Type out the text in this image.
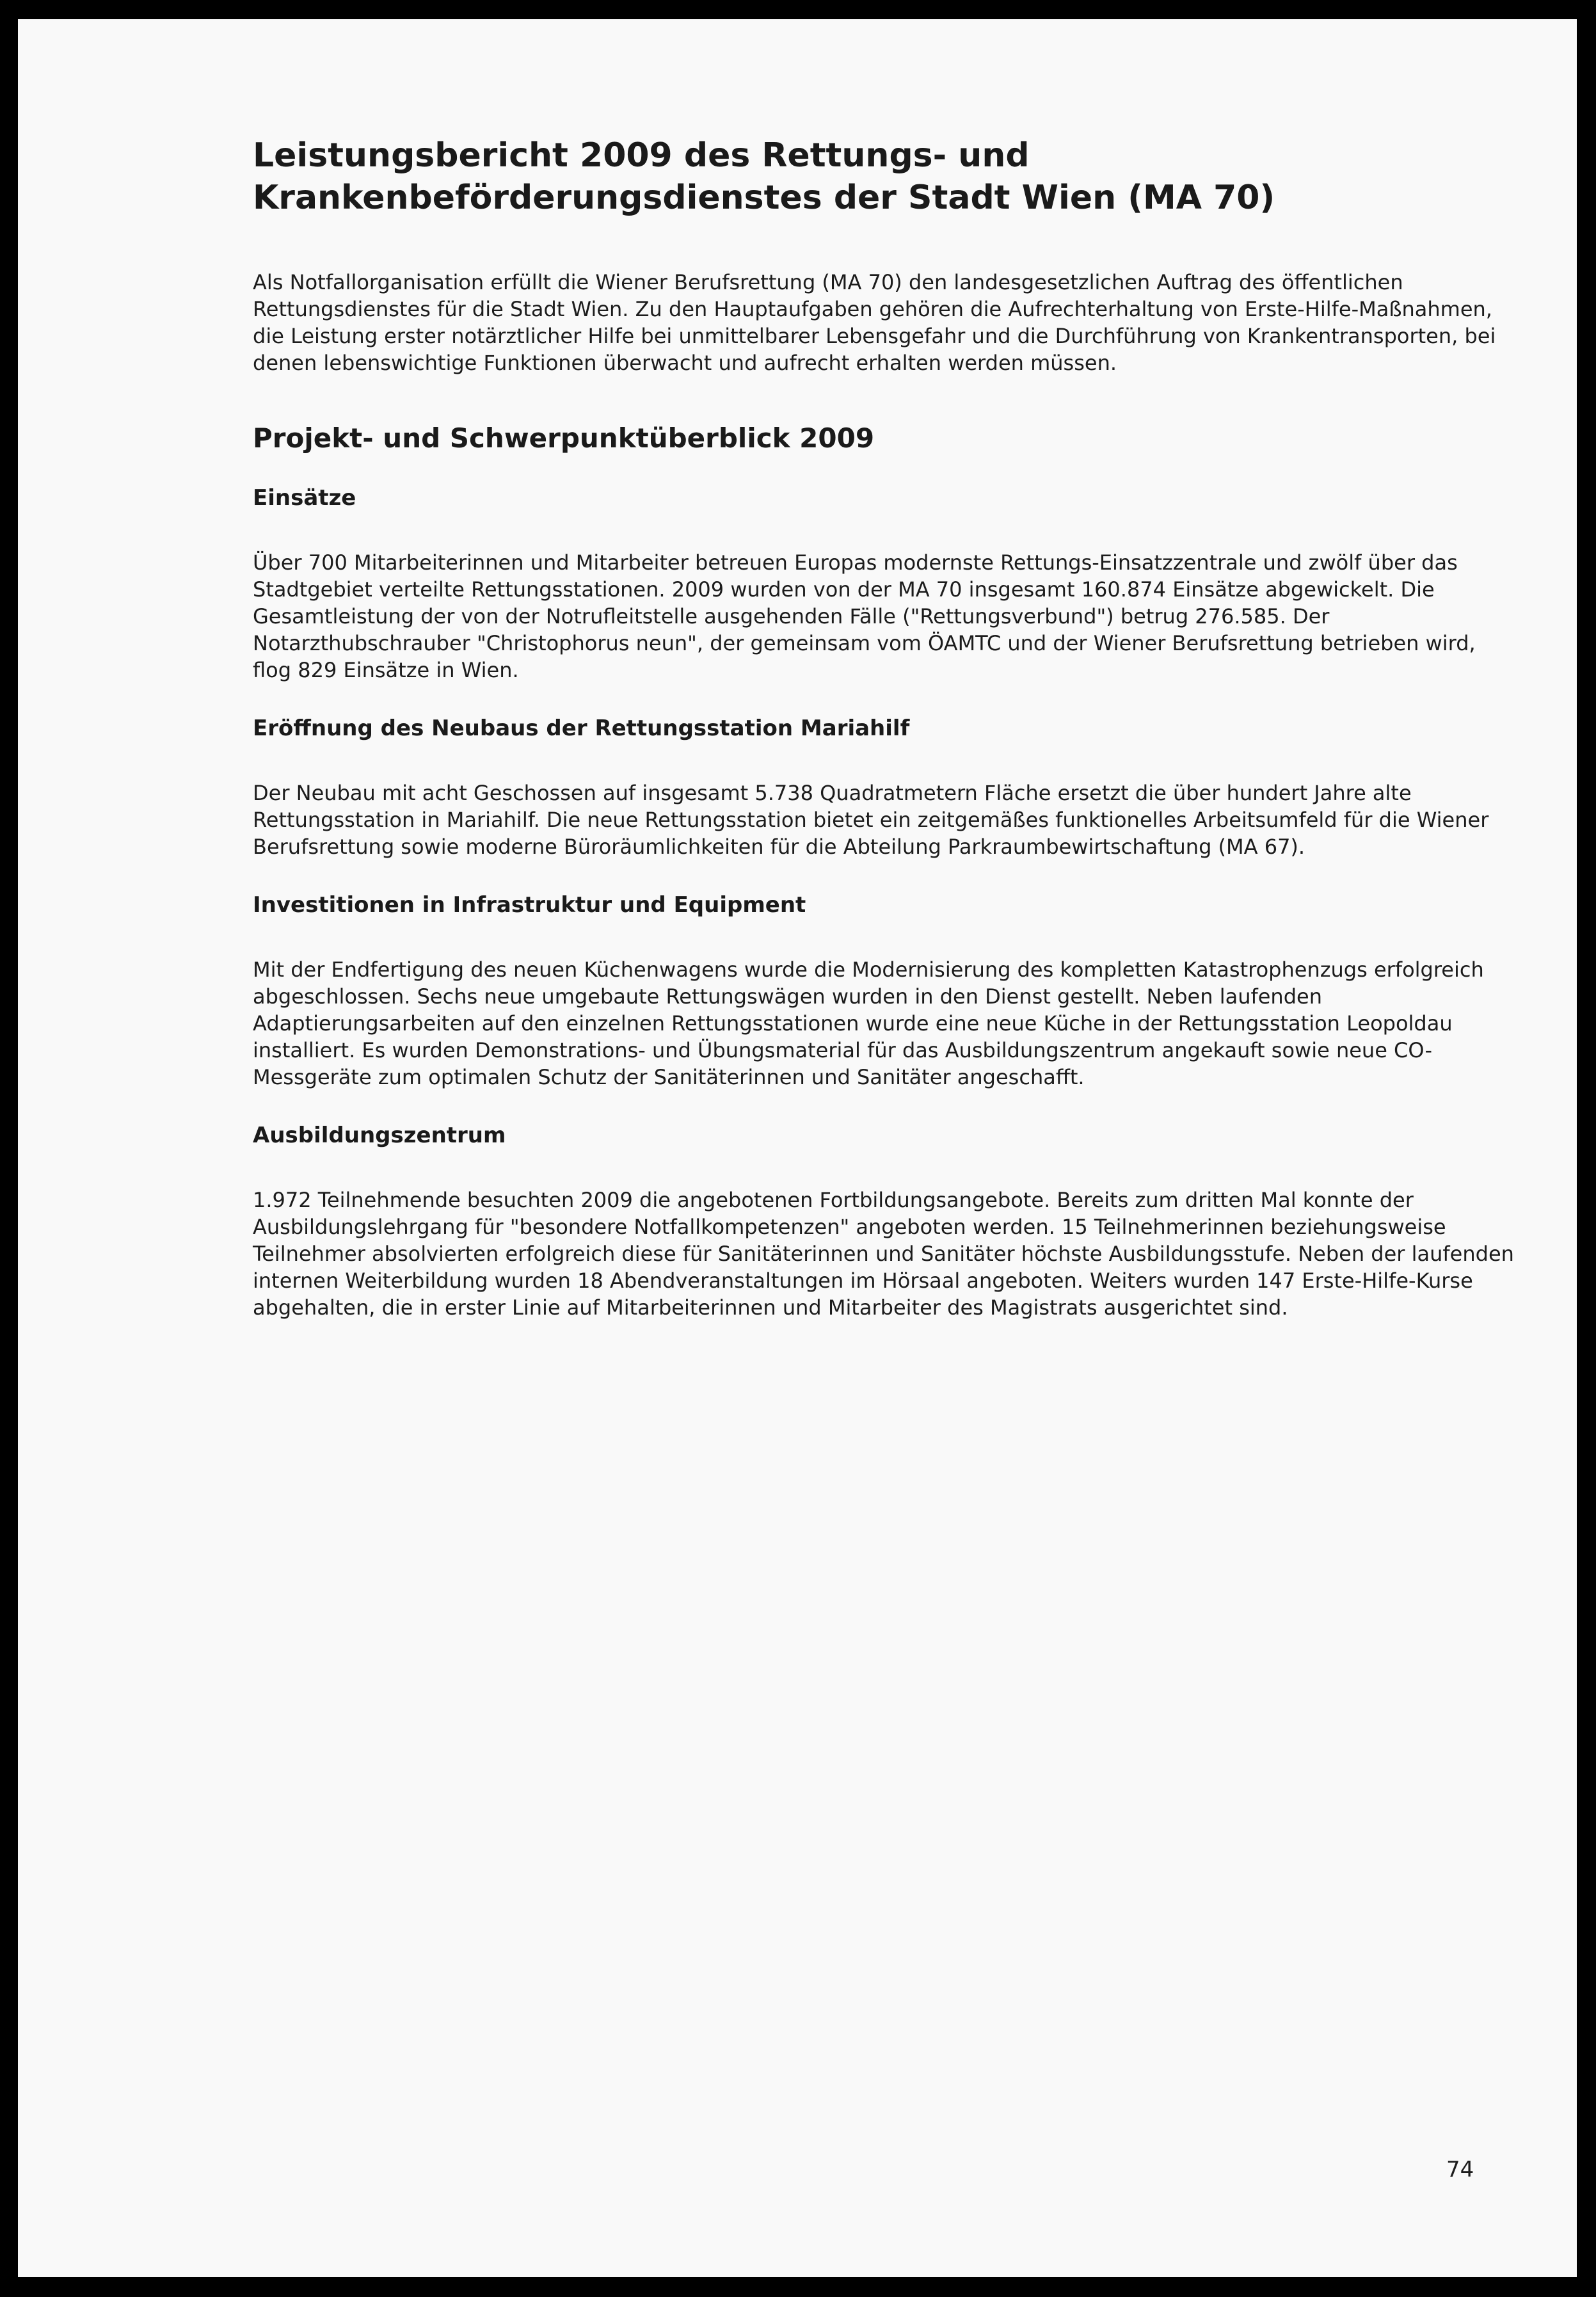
Leistungsbericht 2009 des Rettungs- und Krankenbeförderungsdienstes der Stadt Wien (MA 70)

Als Notfallorganisation erfüllt die Wiener Berufsrettung (MA 70) den landesgesetzlichen Auftrag des öffentlichen Rettungsdienstes für die Stadt Wien. Zu den Hauptaufgaben gehören die Aufrechterhaltung von Erste-Hilfe-Maßnahmen, die Leistung erster notärztlicher Hilfe bei unmittelbarer Lebensgefahr und die Durchführung von Krankentransporten, bei denen lebenswichtige Funktionen überwacht und aufrecht erhalten werden müssen.

Projekt- und Schwerpunktüberblick 2009
Einsätze

Über 700 Mitarbeiterinnen und Mitarbeiter betreuen Europas modernste Rettungs-Einsatzzentrale und zwölf über das Stadtgebiet verteilte Rettungsstationen. 2009 wurden von der MA 70 insgesamt 160.874 Einsätze abgewickelt. Die Gesamtleistung der von der Notrufleitstelle ausgehenden Fälle ("Rettungsverbund") betrug 276.585. Der Notarzthubschrauber "Christophorus neun", der gemeinsam vom ÖAMTC und der Wiener Berufsrettung betrieben wird, flog 829 Einsätze in Wien.

Eröffnung des Neubaus der Rettungsstation Mariahilf

Der Neubau mit acht Geschossen auf insgesamt 5.738 Quadratmetern Fläche ersetzt die über hundert Jahre alte Rettungsstation in Mariahilf. Die neue Rettungsstation bietet ein zeitgemäßes funktionelles Arbeitsumfeld für die Wiener Berufsrettung sowie moderne Büroräumlichkeiten für die Abteilung Parkraumbewirtschaftung (MA 67).

Investitionen in Infrastruktur und Equipment

Mit der Endfertigung des neuen Küchenwagens wurde die Modernisierung des kompletten Katastrophenzugs erfolgreich abgeschlossen. Sechs neue umgebaute Rettungswägen wurden in den Dienst gestellt. Neben laufenden Adaptierungsarbeiten auf den einzelnen Rettungsstationen wurde eine neue Küche in der Rettungsstation Leopoldau installiert. Es wurden Demonstrations- und Übungsmaterial für das Ausbildungszentrum angekauft sowie neue CO-Messgeräte zum optimalen Schutz der Sanitäterinnen und Sanitäter angeschafft.

Ausbildungszentrum

1.972 Teilnehmende besuchten 2009 die angebotenen Fortbildungsangebote. Bereits zum dritten Mal konnte der Ausbildungslehrgang für "besondere Notfallkompetenzen" angeboten werden. 15 Teilnehmerinnen beziehungsweise Teilnehmer absolvierten erfolgreich diese für Sanitäterinnen und Sanitäter höchste Ausbildungsstufe. Neben der laufenden internen Weiterbildung wurden 18 Abendveranstaltungen im Hörsaal angeboten. Weiters wurden 147 Erste-Hilfe-Kurse abgehalten, die in erster Linie auf Mitarbeiterinnen und Mitarbeiter des Magistrats ausgerichtet sind.

74
